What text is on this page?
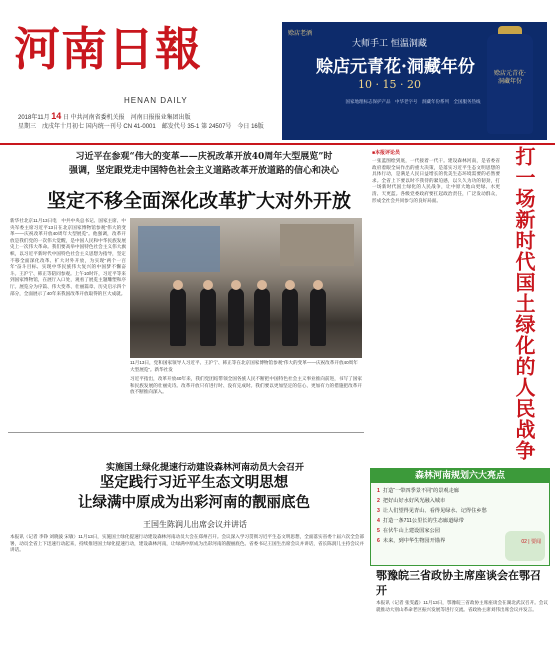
河南日報
HENAN DAILY
2018年11月 14 日 中共河南省委机关报　河南日报报业集团出版
星期三　戊戌年十月初七 国内统一刊号 CN 41-0001　邮发代号 35-1 第 24507号　今日 16版
赊店老酒
大师手工 恒温洞藏
赊店元青花·洞藏年份
10 · 15 · 20
国家地理标志保护产品　中华老字号　洞藏年份系列　全国服务热线
赊店元青花·洞藏年份
习近平在参观“伟大的变革——庆祝改革开放40周年大型展览”时
强调，坚定跟党走中国特色社会主义道路改革开放道路的信心和决心
坚定不移全面深化改革扩大对外开放
新华社北京11月13日电　中共中央总书记、国家主席、中央军委主席习近平13日在北京国家博物馆参观“伟大的变革——庆祝改革开放40周年大型展览”。他强调，改革开放是我们党的一次伟大觉醒，是中国人民和中华民族发展史上一次伟大革命。我们要高举中国特色社会主义伟大旗帜，以习近平新时代中国特色社会主义思想为指导，坚定不移全面深化改革、扩大对外开放，为实现“两个一百年”奋斗目标、实现中华民族伟大复兴的中国梦不懈奋斗。王沪宁、韩正等陪同参观。上午10时许，习近平等来到国家博物馆，在展厅入口处，观看了展览主题雕塑和序厅。展览分为序篇、伟大变革、壮丽篇章、历史启示四个部分，全面展示了40年来我国改革开放取得的巨大成就。
11月13日，党和国家领导人习近平、王沪宁、韩正等在北京国家博物馆参观“伟大的变革——庆祝改革开放40周年大型展览”。新华社发
习近平指出，改革开放40年来，我们党团结带领全国各族人民不断把中国特色社会主义事业推向前进，书写了国家和民族发展的壮丽史诗。改革开放只有进行时、没有完成时。我们要以更加坚定的信心、更加有力的措施把改革开放不断推向深入。
实施国土绿化提速行动建设森林河南动员大会召开
坚定践行习近平生态文明思想
让绿满中原成为出彩河南的靓丽底色
王国生陈润儿出席会议并讲话
本报讯（记者 李铮 刘晓波 宋敏）11月13日，实施国土绿化提速行动建设森林河南动员大会在郑州召开。会议深入学习贯彻习近平生态文明思想，全面落实省委十届六次全会部署，动员全省上下迅速行动起来，持续推进国土绿化提速行动，建设森林河南，让绿满中原成为出彩河南的靓丽底色。省委书记王国生出席会议并讲话，省长陈润儿主持会议并讲话。
■本报评论员
一张蓝图绘到底，一代接着一代干。建设森林河南，是省委省政府着眼全局作出的重大决策，是落实习近平生态文明思想的具体行动，是满足人民日益增长的优美生态环境需要的必然要求。全省上下要以时不我待的紧迫感，以久久为功的韧劲，打一场新时代国土绿化的人民战争，让中原大地山更绿、水更清、天更蓝。各级党委政府要扛起政治责任，广泛发动群众，形成全社会共同参与的良好局面。	打一场新时代国土绿化的人民战争
森林河南规划六大亮点
1 打造“一带四季景不同”的景观走廊
2 把好山好水好风光融入城市
3 让人们望得见青山、看得见绿水、记得住乡愁
4 打造一条711公里长的生态廊道绿带
5 在伏牛山上建设国家公园
6 未来，到中华生物园开锚界	02 | 要闻
鄂豫皖三省政协主席座谈会在鄂召开
本报讯（记者 张雯鑫）11月13日，鄂豫皖三省政协主席座谈会在湖北武汉召开。会议就推动大别山革命老区振兴发展等进行交流。省政协主席刘伟出席会议并发言。
